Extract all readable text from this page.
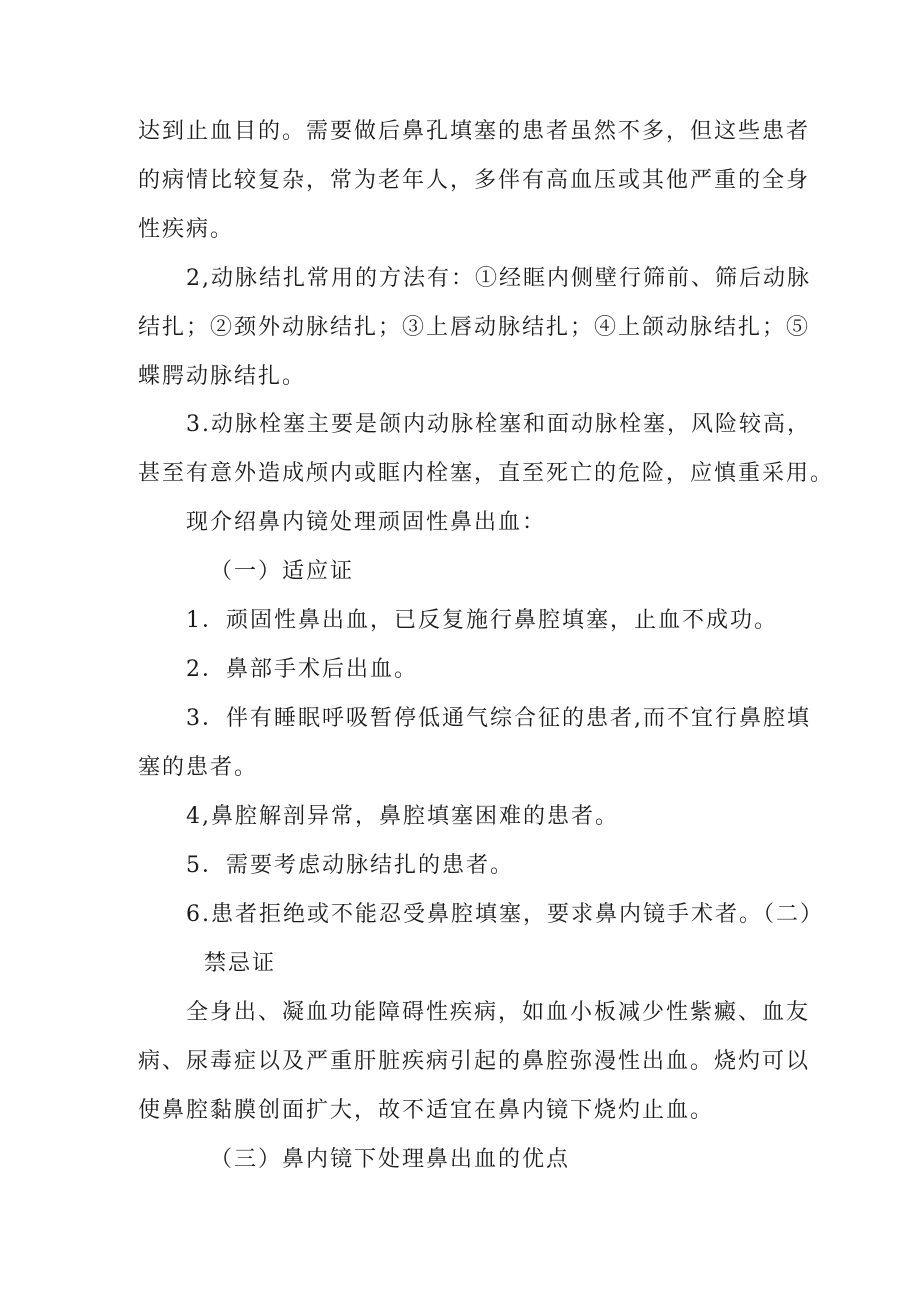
达到止血目的。需要做后鼻孔填塞的患者虽然不多，但这些患者
的病情比较复杂，常为老年人，多伴有高血压或其他严重的全身
性疾病。
2,动脉结扎常用的方法有：①经眶内侧壁行筛前、筛后动脉
结扎；②颈外动脉结扎；③上唇动脉结扎；④上颌动脉结扎；⑤
蝶腭动脉结扎。
3.动脉栓塞主要是颌内动脉栓塞和面动脉栓塞，风险较高，
甚至有意外造成颅内或眶内栓塞，直至死亡的危险，应慎重采用。
现介绍鼻内镜处理顽固性鼻出血：
（一）适应证
1．顽固性鼻出血，已反复施行鼻腔填塞，止血不成功。
2．鼻部手术后出血。
3．伴有睡眠呼吸暂停低通气综合征的患者,而不宜行鼻腔填
塞的患者。
4,鼻腔解剖异常，鼻腔填塞困难的患者。
5．需要考虑动脉结扎的患者。
6.患者拒绝或不能忍受鼻腔填塞，要求鼻内镜手术者。（二）
禁忌证
全身出、凝血功能障碍性疾病，如血小板减少性紫癜、血友
病、尿毒症以及严重肝脏疾病引起的鼻腔弥漫性出血。烧灼可以
使鼻腔黏膜创面扩大，故不适宜在鼻内镜下烧灼止血。
（三）鼻内镜下处理鼻出血的优点
